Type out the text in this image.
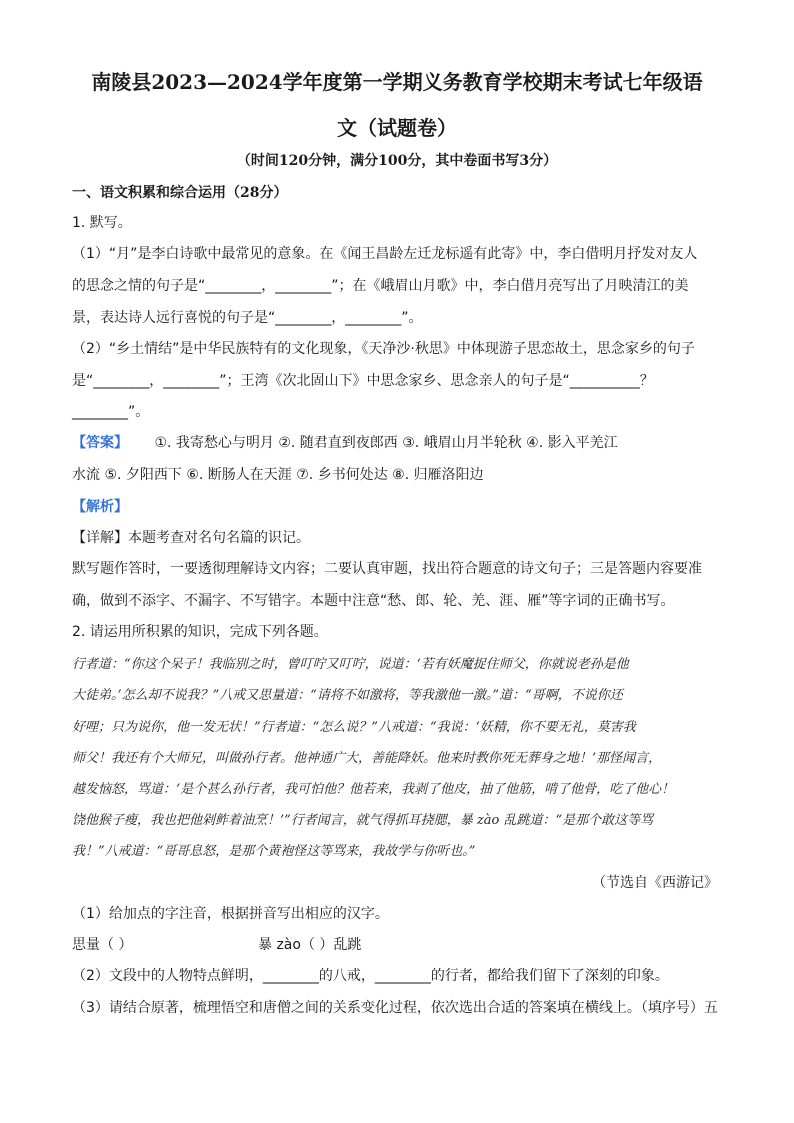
南陵县2023—2024学年度第一学期义务教育学校期末考试七年级语
文（试题卷）
（时间120分钟，满分100分，其中卷面书写3分）
一、语文积累和综合运用（28分）
1. 默写。
（1）“月”是李白诗歌中最常见的意象。在《闻王昌龄左迁龙标遥有此寄》中，李白借明月抒发对友人
的思念之情的句子是“________，________”；在《峨眉山月歌》中，李白借月亮写出了月映清江的美
景，表达诗人远行喜悦的句子是“________，________”。
（2）“乡土情结”是中华民族特有的文化现象，《天净沙·秋思》中体现游子思恋故土，思念家乡的句子
是“________，________”；王湾《次北固山下》中思念家乡、思念亲人的句子是“__________？
________”。
【答案】 ①. 我寄愁心与明月 ②. 随君直到夜郎西 ③. 峨眉山月半轮秋 ④. 影入平羌江
水流 ⑤. 夕阳西下 ⑥. 断肠人在天涯 ⑦. 乡书何处达 ⑧. 归雁洛阳边
【解析】
【详解】本题考查对名句名篇的识记。
默写题作答时，一要透彻理解诗文内容；二要认真审题，找出符合题意的诗文句子；三是答题内容要准
确，做到不添字、不漏字、不写错字。本题中注意“愁、郎、轮、羌、涯、雁”等字词的正确书写。
2. 请运用所积累的知识，完成下列各题。
行者道：“你这个呆子！我临别之时，曾叮咛又叮咛，说道：‘若有妖魔捉住师父，你就说老孙是他
大徒弟。’怎么却不说我？”八戒又思量道：“请将不如激将，等我激他一激。”道：“哥啊，不说你还
好哩；只为说你，他一发无状！”行者道：“怎么说？”八戒道：“我说：‘妖精，你不要无礼，莫害我
师父！我还有个大师兄，叫做孙行者。他神通广大，善能降妖。他来时教你死无葬身之地！’那怪闻言，
越发恼怒，骂道：‘是个甚么孙行者，我可怕他？他若来，我剥了他皮，抽了他筋，啃了他骨，吃了他心！
饶他猴子瘦，我也把他剁鲊着油烹！’”行者闻言，就气得抓耳挠腮，暴 zào 乱跳道：“是那个敢这等骂
我！”八戒道：“哥哥息怒，是那个黄袍怪这等骂来，我故学与你听也。”
（节选自《西游记》
（1）给加点的字注音，根据拼音写出相应的汉字。
思量（ ）	暴 zào（ ）乱跳
（2）文段中的人物特点鲜明，________的八戒，________的行者，都给我们留下了深刻的印象。
（3）请结合原著，梳理悟空和唐僧之间的关系变化过程，依次选出合适的答案填在横线上。（填序号）五
